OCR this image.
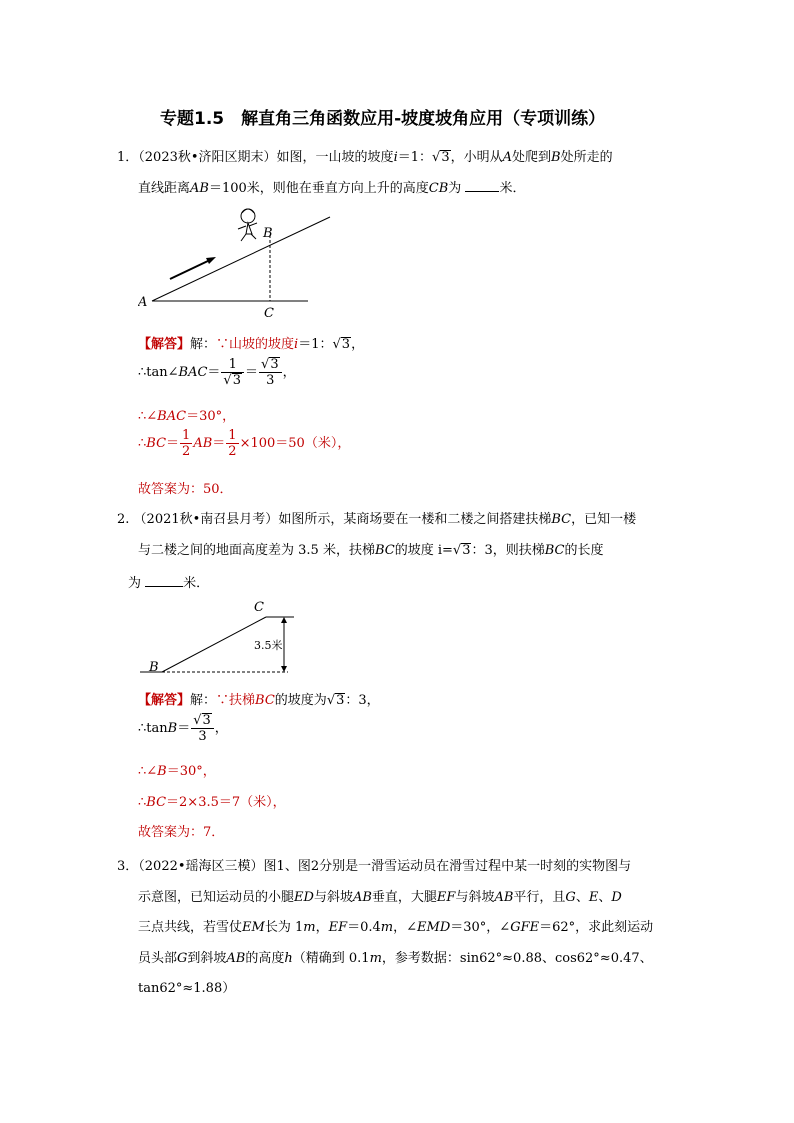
专题1.5　解直角三角函数应用-坡度坡角应用（专项训练）
1．（2023秋•济阳区期末）如图，一山坡的坡度i＝1：√3，小明从A处爬到B处所走的
直线距离AB＝100米，则他在垂直方向上升的高度CB为	米．
A
B
C
【解答】解：∵山坡的坡度i＝1：√3，
∴tan∠BAC＝ $\frac{1}{√3} = \frac{√3}{3}$ ，
∴∠BAC＝30°，
∴BC＝ $\frac{1}{2} AB= \frac{1}{2} \times 100=50$（米），
故答案为：50．
2. （2021秋•南召县月考）如图所示，某商场要在一楼和二楼之间搭建扶梯BC，已知一楼
与二楼之间的地面高度差为 3.5 米，扶梯BC的坡度 i=√3：3，则扶梯BC的长度
为	米．
B
C
3.5米
【解答】解：∵扶梯BC的坡度为√3：3，
∴tanB＝ $\frac{√3}{3}$ ，
∴∠B＝30°，
∴BC＝2×3.5＝7（米），
故答案为：7．
3．（2022•瑶海区三模）图1、图2分别是一滑雪运动员在滑雪过程中某一时刻的实物图与
示意图，已知运动员的小腿ED与斜坡AB垂直，大腿EF与斜坡AB平行，且G、E、D
三点共线，若雪仗EM长为 1m，EF＝0.4m，∠EMD＝30°，∠GFE＝62°，求此刻运动
员头部G到斜坡AB的高度h（精确到 0.1m，参考数据：sin62°≈0.88、cos62°≈0.47、
tan62°≈1.88）
